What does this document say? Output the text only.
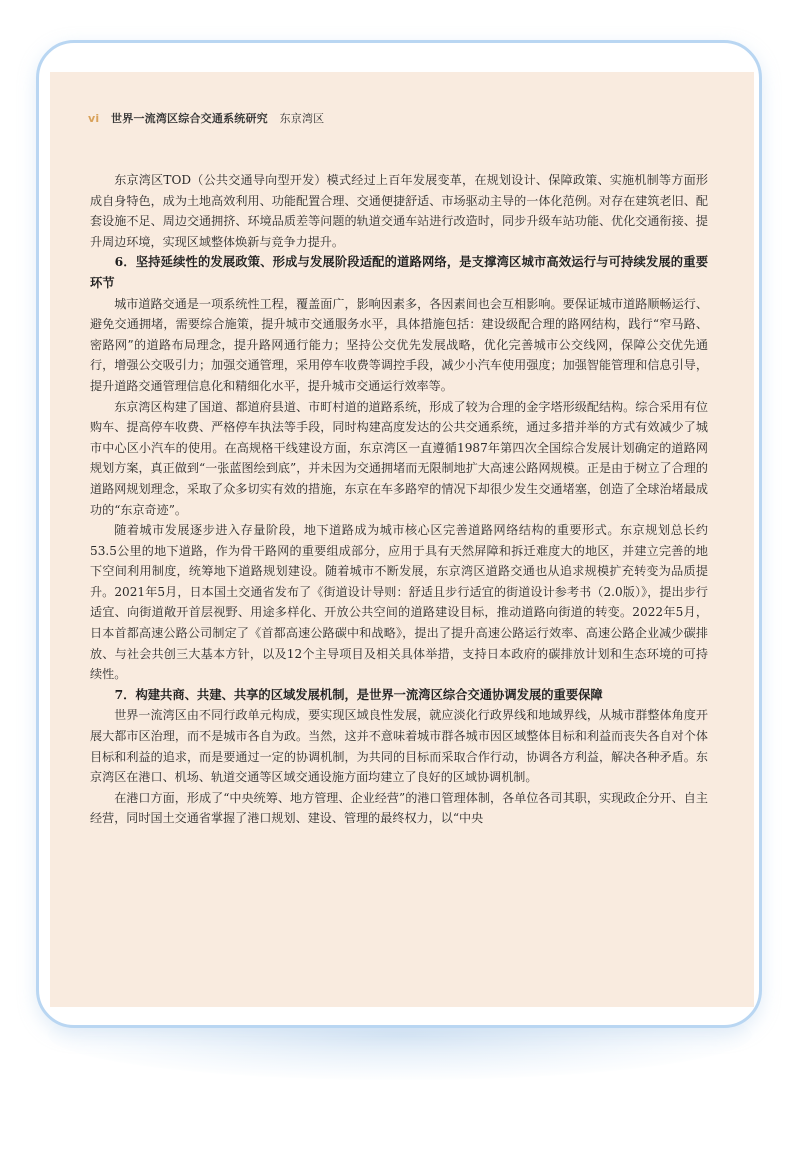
vi 世界一流湾区综合交通系统研究 东京湾区

东京湾区TOD（公共交通导向型开发）模式经过上百年发展变革，在规划设计、保障政策、实施机制等方面形成自身特色，成为土地高效利用、功能配置合理、交通便捷舒适、市场驱动主导的一体化范例。对存在建筑老旧、配套设施不足、周边交通拥挤、环境品质差等问题的轨道交通车站进行改造时，同步升级车站功能、优化交通衔接、提升周边环境，实现区域整体焕新与竞争力提升。

6．坚持延续性的发展政策、形成与发展阶段适配的道路网络，是支撑湾区城市高效运行与可持续发展的重要环节

城市道路交通是一项系统性工程，覆盖面广，影响因素多，各因素间也会互相影响。要保证城市道路顺畅运行、避免交通拥堵，需要综合施策，提升城市交通服务水平，具体措施包括：建设级配合理的路网结构，践行“窄马路、密路网”的道路布局理念，提升路网通行能力；坚持公交优先发展战略，优化完善城市公交线网，保障公交优先通行，增强公交吸引力；加强交通管理，采用停车收费等调控手段，减少小汽车使用强度；加强智能管理和信息引导，提升道路交通管理信息化和精细化水平，提升城市交通运行效率等。

东京湾区构建了国道、都道府县道、市町村道的道路系统，形成了较为合理的金字塔形级配结构。综合采用有位购车、提高停车收费、严格停车执法等手段，同时构建高度发达的公共交通系统，通过多措并举的方式有效减少了城市中心区小汽车的使用。在高规格干线建设方面，东京湾区一直遵循1987年第四次全国综合发展计划确定的道路网规划方案，真正做到“一张蓝图绘到底”，并未因为交通拥堵而无限制地扩大高速公路网规模。正是由于树立了合理的道路网规划理念，采取了众多切实有效的措施，东京在车多路窄的情况下却很少发生交通堵塞，创造了全球治堵最成功的“东京奇迹”。

随着城市发展逐步进入存量阶段，地下道路成为城市核心区完善道路网络结构的重要形式。东京规划总长约53.5公里的地下道路，作为骨干路网的重要组成部分，应用于具有天然屏障和拆迁难度大的地区，并建立完善的地下空间利用制度，统筹地下道路规划建设。随着城市不断发展，东京湾区道路交通也从追求规模扩充转变为品质提升。2021年5月，日本国土交通省发布了《街道设计导则：舒适且步行适宜的街道设计参考书（2.0版）》，提出步行适宜、向街道敞开首层视野、用途多样化、开放公共空间的道路建设目标，推动道路向街道的转变。2022年5月，日本首都高速公路公司制定了《首都高速公路碳中和战略》，提出了提升高速公路运行效率、高速公路企业减少碳排放、与社会共创三大基本方针，以及12个主导项目及相关具体举措，支持日本政府的碳排放计划和生态环境的可持续性。

7．构建共商、共建、共享的区域发展机制，是世界一流湾区综合交通协调发展的重要保障

世界一流湾区由不同行政单元构成，要实现区域良性发展，就应淡化行政界线和地域界线，从城市群整体角度开展大都市区治理，而不是城市各自为政。当然，这并不意味着城市群各城市因区域整体目标和利益而丧失各自对个体目标和利益的追求，而是要通过一定的协调机制，为共同的目标而采取合作行动，协调各方利益，解决各种矛盾。东京湾区在港口、机场、轨道交通等区域交通设施方面均建立了良好的区域协调机制。

在港口方面，形成了“中央统筹、地方管理、企业经营”的港口管理体制，各单位各司其职，实现政企分开、自主经营，同时国土交通省掌握了港口规划、建设、管理的最终权力，以“中央
